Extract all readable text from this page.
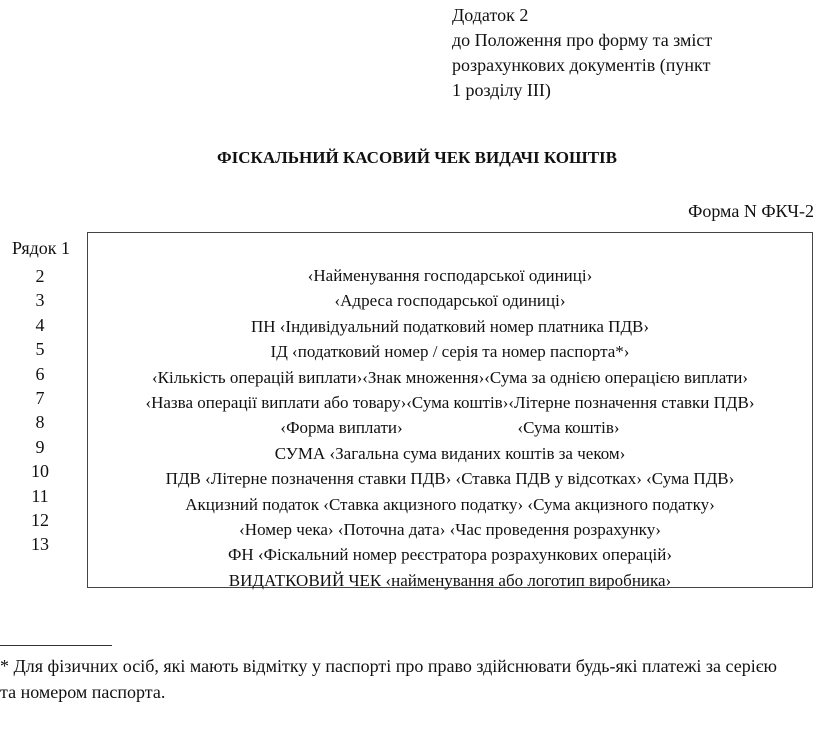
Додаток 2
до Положення про форму та зміст
розрахункових документів (пункт
1 розділу III)
ФІСКАЛЬНИЙ КАСОВИЙ ЧЕК ВИДАЧІ КОШТІВ
Форма N ФКЧ-2
Рядок 1
2
3
4
5
6
7
8
9
10
11
12
13
‹Найменування господарської одиниці›
‹Адреса господарської одиниці›
ПН ‹Індивідуальний податковий номер платника ПДВ›
ІД ‹податковий номер / серія та номер паспорта*›
‹Кількість операцій виплати›‹Знак множення›‹Сума за однією операцією виплати›
‹Назва операції виплати або товару›‹Сума коштів›‹Літерне позначення ставки ПДВ›
‹Форма виплати›                           ‹Сума коштів›
СУМА ‹Загальна сума виданих коштів за чеком›
ПДВ ‹Літерне позначення ставки ПДВ› ‹Ставка ПДВ у відсотках› ‹Сума ПДВ›
Акцизний податок ‹Ставка акцизного податку› ‹Сума акцизного податку›
‹Номер чека› ‹Поточна дата› ‹Час проведення розрахунку›
ФН ‹Фіскальний номер реєстратора розрахункових операцій›
ВИДАТКОВИЙ ЧЕК ‹найменування або логотип виробника›
* Для фізичних осіб, які мають відмітку у паспорті про право здійснювати будь-які платежі за серією та номером паспорта.
